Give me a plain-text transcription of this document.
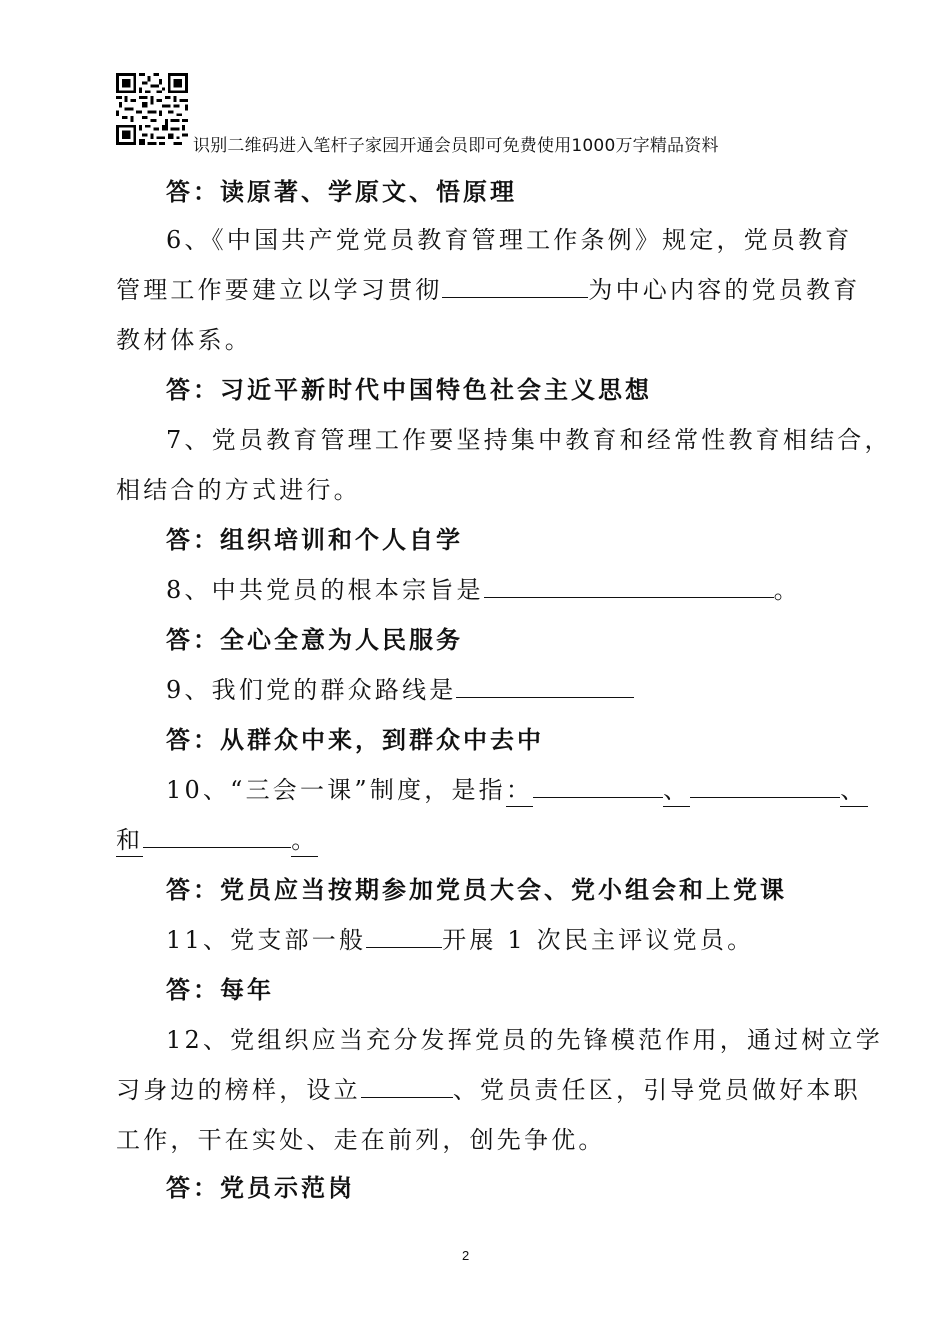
识别二维码进入笔杆子家园开通会员即可免费使用1000万字精品资料
答：读原著、学原文、悟原理
6、《中国共产党党员教育管理工作条例》规定，党员教育
管理工作要建立以学习贯彻	为中心内容的党员教育
教材体系。
答：习近平新时代中国特色社会主义思想
7、党员教育管理工作要坚持集中教育和经常性教育相结合，
相结合的方式进行。
答：组织培训和个人自学
8、中共党员的根本宗旨是	。
答：全心全意为人民服务
9、我们党的群众路线是
答：从群众中来，到群众中去中
10、“三会一课”制度，是指：	、	、
和	。
答：党员应当按期参加党员大会、党小组会和上党课
11、党支部一般	开展 1 次民主评议党员。
答：每年
12、党组织应当充分发挥党员的先锋模范作用，通过树立学
习身边的榜样，设立	、党员责任区，引导党员做好本职
工作，干在实处、走在前列，创先争优。
答：党员示范岗
2
